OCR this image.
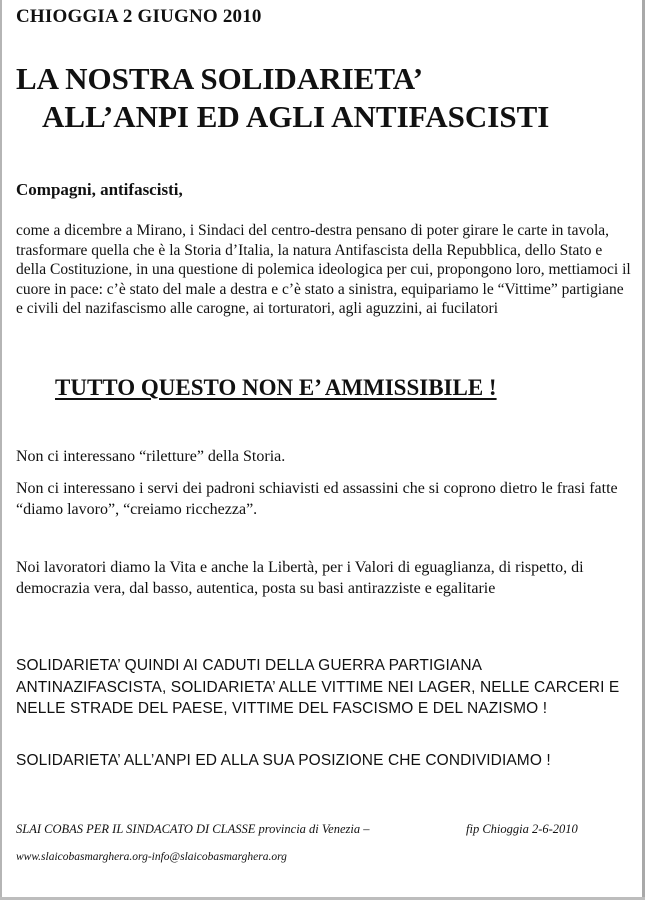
CHIOGGIA 2 GIUGNO 2010
LA NOSTRA SOLIDARIETA’
ALL’ANPI ED AGLI ANTIFASCISTI
Compagni, antifascisti,
come a dicembre a Mirano, i Sindaci del centro-destra pensano di poter girare le carte in tavola, trasformare quella che è la Storia d’Italia, la natura Antifascista della Repubblica, dello Stato e della Costituzione, in una questione di polemica ideologica per cui, propongono loro, mettiamoci il cuore in pace: c’è stato del male a destra e c’è stato a sinistra, equipariamo le “Vittime” partigiane e civili del nazifascismo alle carogne, ai torturatori, agli aguzzini, ai fucilatori
TUTTO QUESTO NON E’ AMMISSIBILE !
Non ci interessano “riletture” della Storia.
Non ci interessano i servi dei padroni schiavisti ed assassini che si coprono dietro le frasi fatte “diamo lavoro”, “creiamo ricchezza”.
Noi lavoratori diamo la Vita e anche la Libertà, per i Valori di eguaglianza, di rispetto, di democrazia vera, dal basso, autentica, posta su basi antirazziste e egalitarie
SOLIDARIETA’ QUINDI AI CADUTI DELLA GUERRA PARTIGIANA ANTINAZIFASCISTA, SOLIDARIETA’ ALLE VITTIME NEI LAGER, NELLE CARCERI E NELLE STRADE DEL PAESE, VITTIME DEL FASCISMO E DEL NAZISMO !
SOLIDARIETA’ ALL’ANPI ED ALLA SUA POSIZIONE CHE CONDIVIDIAMO !
SLAI COBAS PER IL SINDACATO DI CLASSE provincia di Venezia –	fip Chioggia 2-6-2010
www.slaicobasmarghera.org-info@slaicobasmarghera.org
